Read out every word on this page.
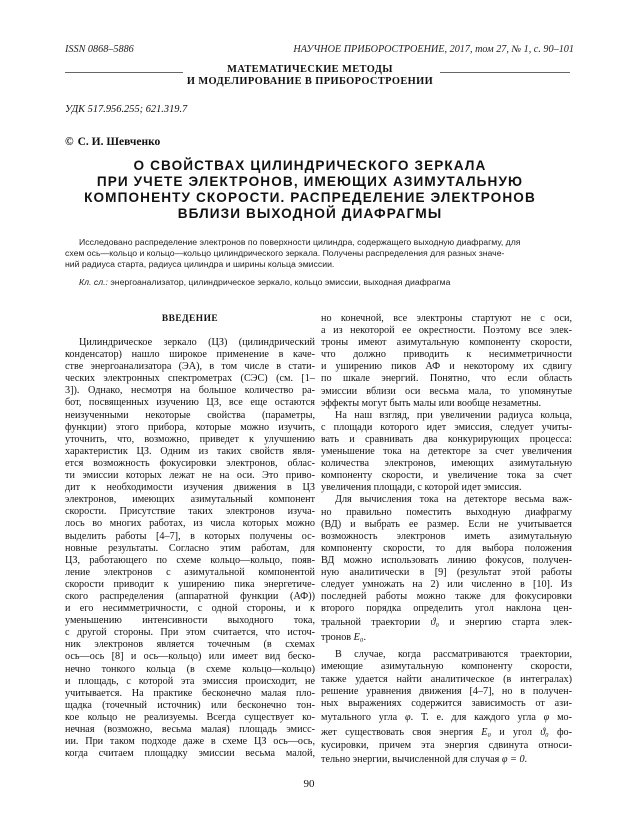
ISSN 0868–5886	НАУЧНОЕ ПРИБОРОСТРОЕНИЕ, 2017, том 27, № 1, с. 90–101
МАТЕМАТИЧЕСКИЕ МЕТОДЫ
И МОДЕЛИРОВАНИЕ В ПРИБОРОСТРОЕНИИ
УДК 517.956.255; 621.319.7
© С. И. Шевченко
О СВОЙСТВАХ ЦИЛИНДРИЧЕСКОГО ЗЕРКАЛА
ПРИ УЧЕТЕ ЭЛЕКТРОНОВ, ИМЕЮЩИХ АЗИМУТАЛЬНУЮ
КОМПОНЕНТУ СКОРОСТИ. РАСПРЕДЕЛЕНИЕ ЭЛЕКТРОНОВ
ВБЛИЗИ ВЫХОДНОЙ ДИАФРАГМЫ
Исследовано распределение электронов по поверхности цилиндра, содержащего выходную диафрагму, для
схем ось—кольцо и кольцо—кольцо цилиндрического зеркала. Получены распределения для разных значе-
ний радиуса старта, радиуса цилиндра и ширины кольца эмиссии.
Кл. сл.: энергоанализатор, цилиндрическое зеркало, кольцо эмиссии, выходная диафрагма
ВВЕДЕНИЕ
Цилиндрическое зеркало (ЦЗ) (цилиндрический
конденсатор) нашло широкое применение в каче-
стве энергоанализатора (ЭА), в том числе в стати-
ческих электронных спектрометрах (СЭС) (см. [1–
3]). Однако, несмотря на большое количество ра-
бот, посвященных изучению ЦЗ, все еще остаются
неизученными некоторые свойства (параметры,
функции) этого прибора, которые можно изучить,
уточнить, что, возможно, приведет к улучшению
характеристик ЦЗ. Одним из таких свойств явля-
ется возможность фокусировки электронов, облас-
ти эмиссии которых лежат не на оси. Это приво-
дит к необходимости изучения движения в ЦЗ
электронов, имеющих азимутальный компонент
скорости. Присутствие таких электронов изуча-
лось во многих работах, из числа которых можно
выделить работы [4–7], в которых получены ос-
новные результаты. Согласно этим работам, для
ЦЗ, работающего по схеме кольцо—кольцо, появ-
ление электронов с азимутальной компонентой
скорости приводит к уширению пика энергетиче-
ского распределения (аппаратной функции (АФ))
и его несимметричности, с одной стороны, и к
уменьшению интенсивности выходного тока,
с другой стороны. При этом считается, что источ-
ник электронов является точечным (в схемах
ось—ось [8] и ось—кольцо) или имеет вид беско-
нечно тонкого кольца (в схеме кольцо—кольцо)
и площадь, с которой эта эмиссия происходит, не
учитывается. На практике бесконечно малая пло-
щадка (точечный источник) или бесконечно тон-
кое кольцо не реализуемы. Всегда существует ко-
нечная (возможно, весьма малая) площадь эмисс-
ии. При таком подходе даже в схеме ЦЗ ось—ось,
когда считаем площадку эмиссии весьма малой,
но конечной, все электроны стартуют не с оси,
а из некоторой ее окрестности. Поэтому все элек-
троны имеют азимутальную компоненту скорости,
что должно приводить к несимметричности
и уширению пиков АФ и некоторому их сдвигу
по шкале энергий. Понятно, что если область
эмиссии вблизи оси весьма мала, то упомянутые
эффекты могут быть малы или вообще незаметны.
На наш взгляд, при увеличении радиуса кольца,
с площади которого идет эмиссия, следует учиты-
вать и сравнивать два конкурирующих процесса:
уменьшение тока на детекторе за счет увеличения
количества электронов, имеющих азимутальную
компоненту скорости, и увеличение тока за счет
увеличения площади, с которой идет эмиссия.
Для вычисления тока на детекторе весьма важ-
но правильно поместить выходную диафрагму
(ВД) и выбрать ее размер. Если не учитывается
возможность электронов иметь азимутальную
компоненту скорости, то для выбора положения
ВД можно использовать линию фокусов, получен-
ную аналитически в [9] (результат этой работы
следует умножать на 2) или численно в [10]. Из
последней работы можно также для фокусировки
второго порядка определить угол наклона цен-
тральной траектории ϑ₀ и энергию старта элек-
тронов E₀.
В случае, когда рассматриваются траектории,
имеющие азимутальную компоненту скорости,
также удается найти аналитическое (в интегралах)
решение уравнения движения [4–7], но в получен-
ных выражениях содержится зависимость от ази-
мутального угла φ. Т. е. для каждого угла φ мо-
жет существовать своя энергия E₀ и угол ϑ₀ фо-
кусировки, причем эта энергия сдвинута относи-
тельно энергии, вычисленной для случая φ = 0.
90
